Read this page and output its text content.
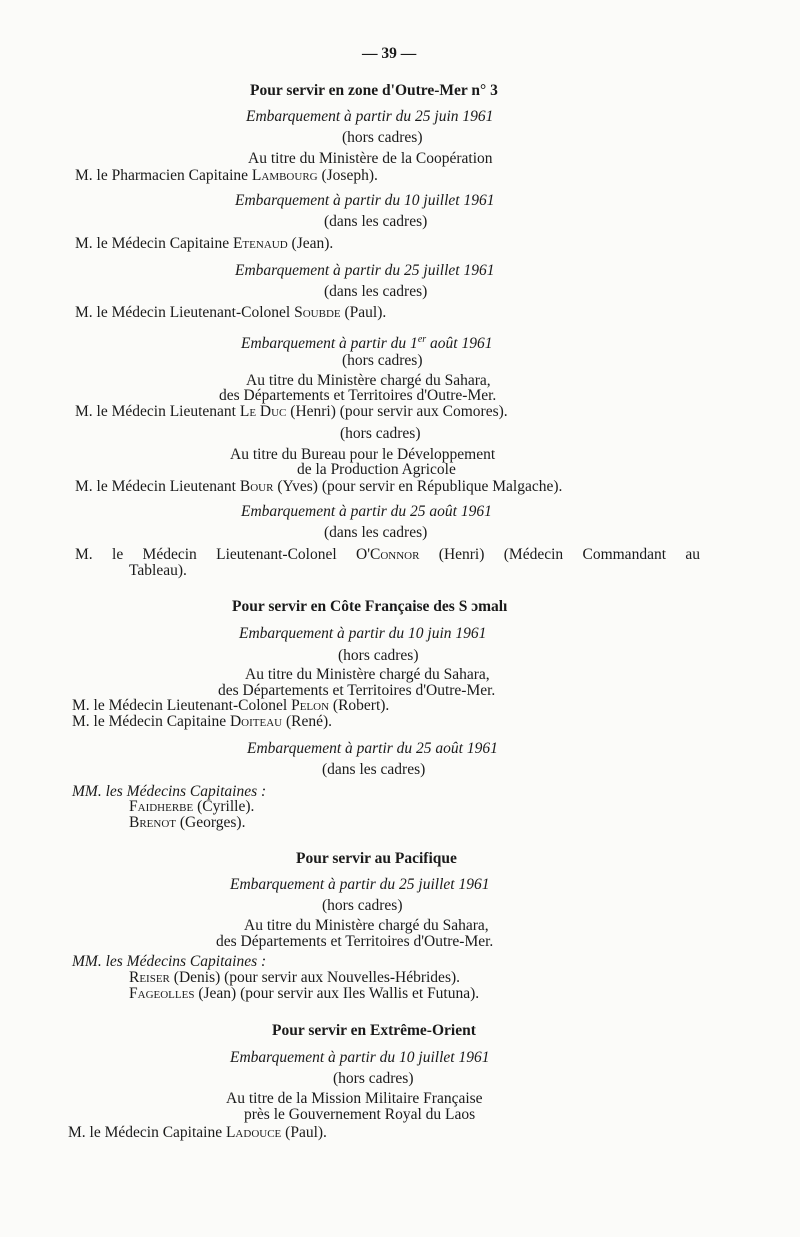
— 39 —
Pour servir en zone d'Outre-Mer n° 3
Embarquement à partir du 25 juin 1961
(hors cadres)
Au titre du Ministère de la Coopération
M. le Pharmacien Capitaine Lambourg (Joseph).
Embarquement à partir du 10 juillet 1961
(dans les cadres)
M. le Médecin Capitaine Etenaud (Jean).
Embarquement à partir du 25 juillet 1961
(dans les cadres)
M. le Médecin Lieutenant-Colonel Soubde (Paul).
Embarquement à partir du 1er août 1961
(hors cadres)
Au titre du Ministère chargé du Sahara,
des Départements et Territoires d'Outre-Mer.
M. le Médecin Lieutenant Le Duc (Henri) (pour servir aux Comores).
(hors cadres)
Au titre du Bureau pour le Développement
de la Production Agricole
M. le Médecin Lieutenant Bour (Yves) (pour servir en République Malgache).
Embarquement à partir du 25 août 1961
(dans les cadres)
M. le Médecin Lieutenant-Colonel O'Connor (Henri) (Médecin Commandant au
Tableau).
Pour servir en Côte Française des S ɔmalı
Embarquement à partir du 10 juin 1961
(hors cadres)
Au titre du Ministère chargé du Sahara,
des Départements et Territoires d'Outre-Mer.
M. le Médecin Lieutenant-Colonel Pelon (Robert).
M. le Médecin Capitaine Doiteau (René).
Embarquement à partir du 25 août 1961
(dans les cadres)
MM. les Médecins Capitaines :
Faidherbe (Cyrille).
Brenot (Georges).
Pour servir au Pacifique
Embarquement à partir du 25 juillet 1961
(hors cadres)
Au titre du Ministère chargé du Sahara,
des Départements et Territoires d'Outre-Mer.
MM. les Médecins Capitaines :
Reiser (Denis) (pour servir aux Nouvelles-Hébrides).
Fageolles (Jean) (pour servir aux Iles Wallis et Futuna).
Pour servir en Extrême-Orient
Embarquement à partir du 10 juillet 1961
(hors cadres)
Au titre de la Mission Militaire Française
près le Gouvernement Royal du Laos
M. le Médecin Capitaine Ladouce (Paul).
